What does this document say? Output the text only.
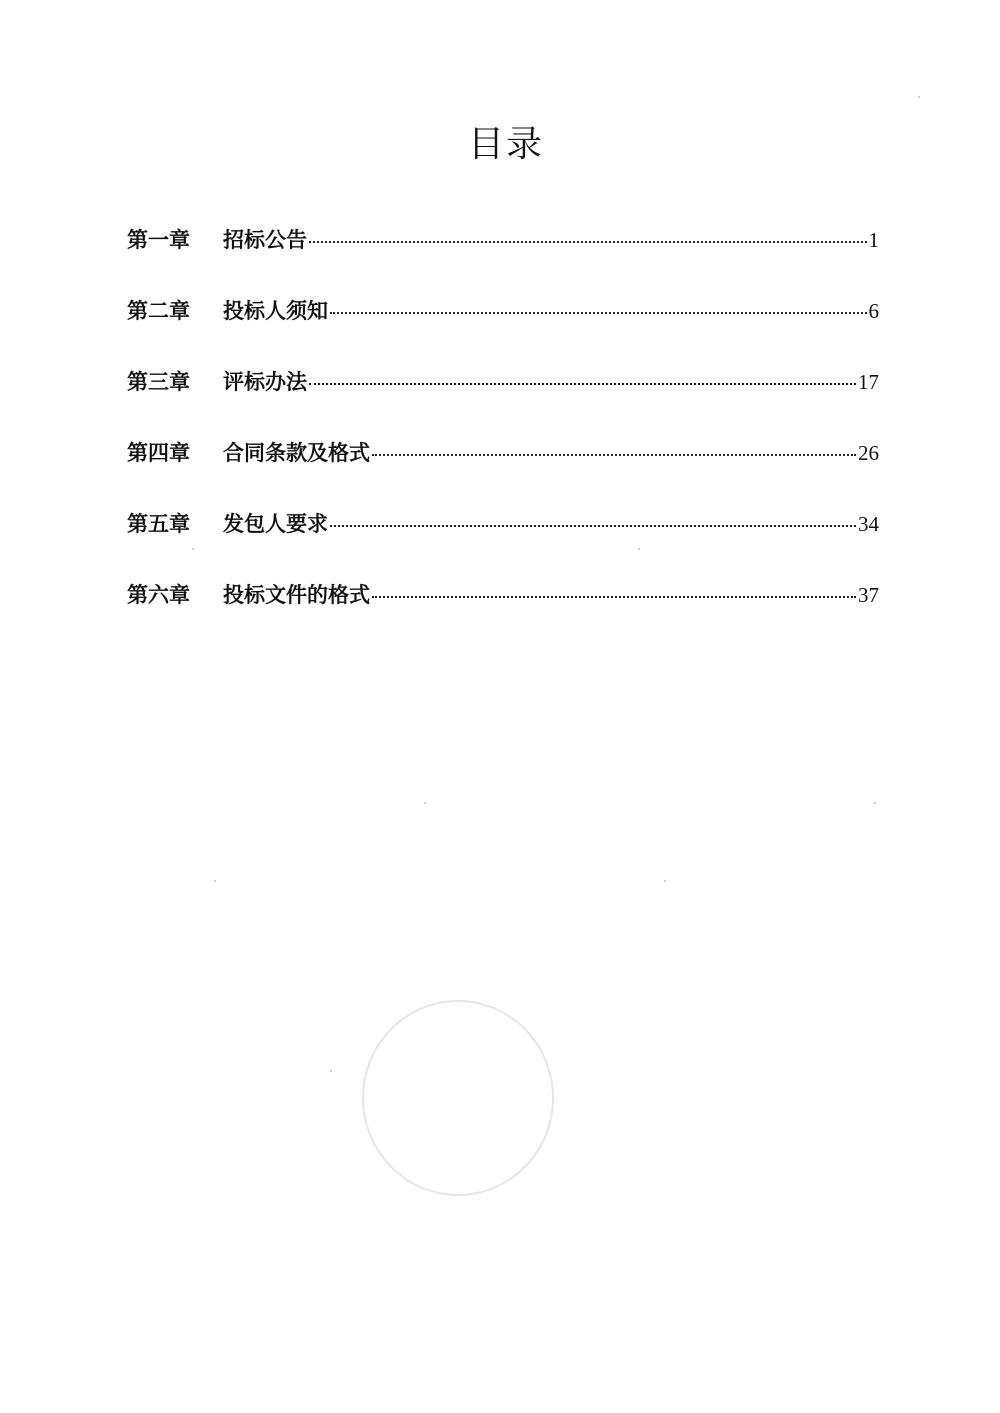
目录
第一章	招标公告	1
第二章	投标人须知	6
第三章	评标办法	17
第四章	合同条款及格式	26
第五章	发包人要求	34
第六章	投标文件的格式	37
